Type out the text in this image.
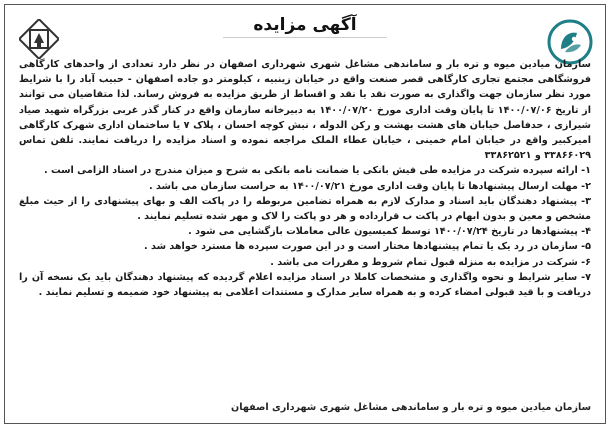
آگهی مزایده

سازمان میادین میوه و تره بار و ساماندهی مشاغل شهری شهرداری اصفهان در نظر دارد تعدادی از واحدهای کارگاهی فروشگاهی مجتمع تجاری کارگاهی قصر صنعت واقع در خیابان زینبیه ، کیلومتر دو جاده اصفهان - حبیب آباد را با شرایط مورد نظر سازمان جهت واگذاری به صورت نقد یا نقد و اقساط از طریق مزایده به فروش رساند. لذا متقاضیان می توانند از تاریخ ۱۴۰۰/۰۷/۰۶ تا پایان وقت اداری مورخ ۱۴۰۰/۰۷/۲۰ به دبیرخانه سازمان واقع در کنار گذر غربی بزرگراه شهید صیاد شیرازی ، حدفاصل خیابان های هشت بهشت و رکن الدوله ، نبش کوچه احسان ، پلاک ۷ یا ساختمان اداری شهرک کارگاهی امیرکبیر واقع در خیابان امام خمینی ، خیابان عطاء الملک مراجعه نموده و اسناد مزایده را دریافت نمایند. تلفن تماس ۳۳۸۶۶۰۲۹ و ۳۳۸۶۲۵۲۱

۱- ارائه سپرده شرکت در مزایده طی فیش بانکی یا ضمانت نامه بانکی به شرح و میزان مندرج در اسناد الزامی است .

۲- مهلت ارسال پیشنهادها تا پایان وقت اداری مورخ ۱۴۰۰/۰۷/۲۱ به حراست سازمان می باشد .

۳- پیشنهاد دهندگان باید اسناد و مدارک لازم به همراه تضامین مربوطه را در پاکت الف و بهای پیشنهادی را از حیث مبلغ مشخص و معین و بدون ابهام در پاکت ب قرارداده و هر دو پاکت را لاک و مهر شده تسلیم نمایند .

۴- پیشنهادها در تاریخ ۱۴۰۰/۰۷/۲۴ توسط کمیسیون عالی معاملات بازگشایی می شود .

۵- سازمان در رد یک یا تمام پیشنهادها مختار است و در این صورت سپرده ها مسترد خواهد شد .

۶- شرکت در مزایده به منزله قبول تمام شروط و مقررات می باشد .

۷- سایر شرایط و نحوه واگذاری و مشخصات کاملا در اسناد مزایده اعلام گردیده که پیشنهاد دهندگان باید یک نسخه آن را دریافت و با قید قبولی امضاء کرده و به همراه سایر مدارک و مستندات اعلامی به پیشنهاد خود ضمیمه و تسلیم نمایند .

سازمان میادین میوه و تره بار و ساماندهی مشاغل شهری شهرداری اصفهان
